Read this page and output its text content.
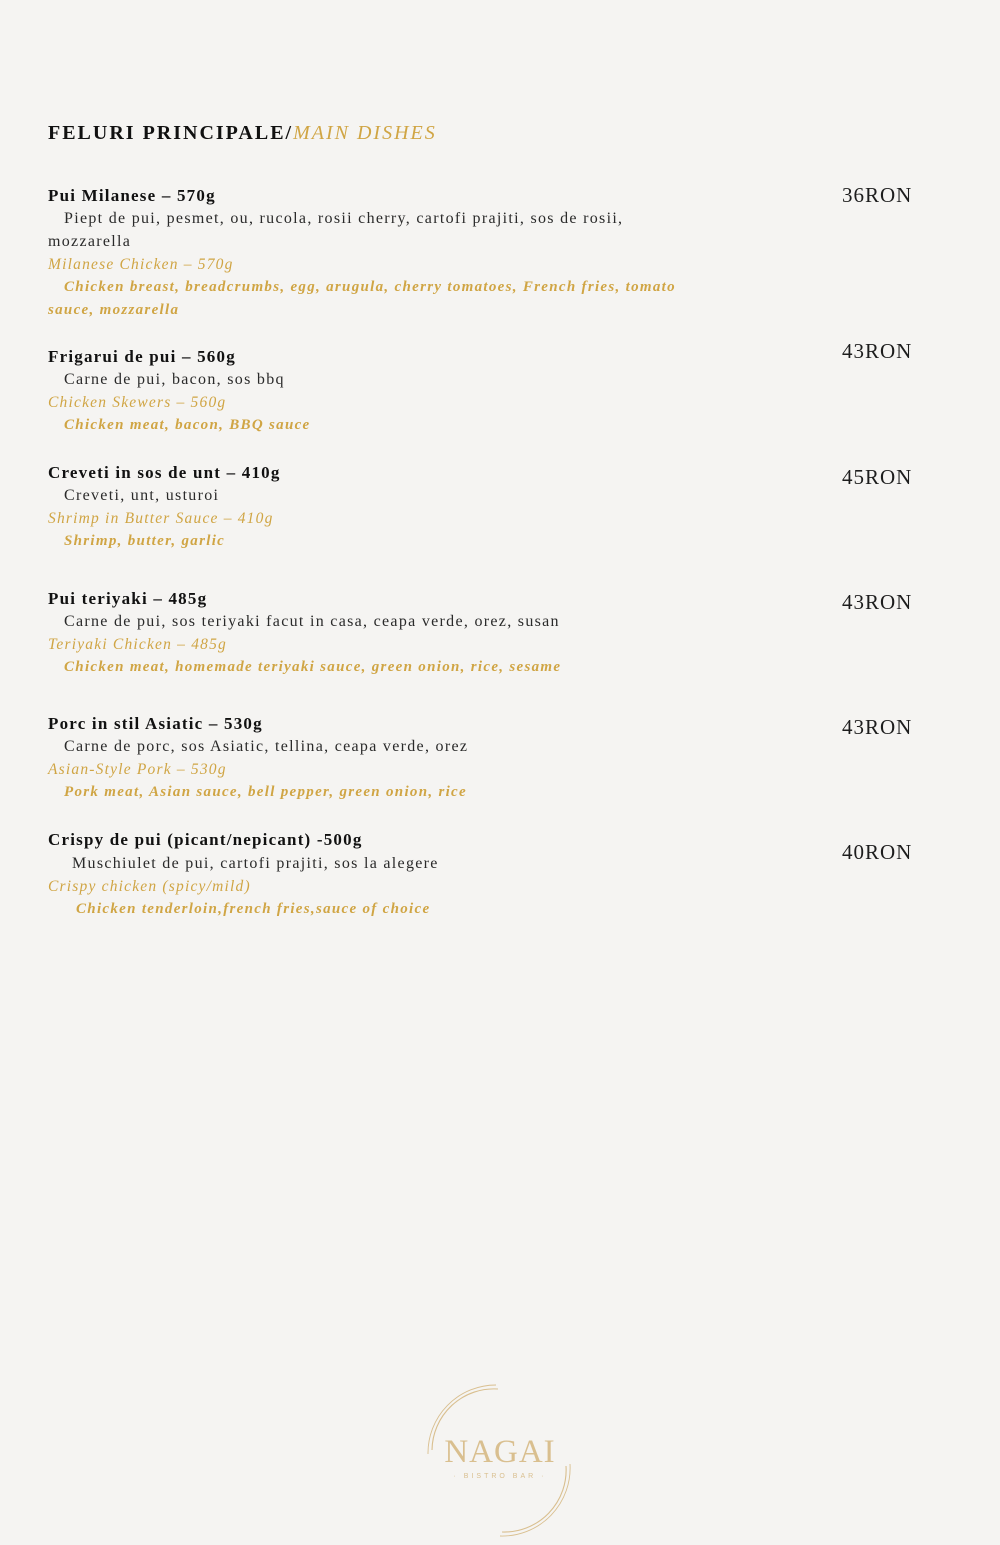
FELURI PRINCIPALE/MAIN DISHES
Pui Milanese – 570g
Piept de pui, pesmet, ou, rucola, rosii cherry, cartofi prajiti, sos de rosii, mozzarella
Milanese Chicken – 570g
Chicken breast, breadcrumbs, egg, arugula, cherry tomatoes, French fries, tomato sauce, mozzarella
36RON
Frigarui de pui – 560g
Carne de pui, bacon, sos bbq
Chicken Skewers – 560g
Chicken meat, bacon, BBQ sauce
43RON
Creveti in sos de unt – 410g
Creveti, unt, usturoi
Shrimp in Butter Sauce – 410g
Shrimp, butter, garlic
45RON
Pui teriyaki – 485g
Carne de pui, sos teriyaki facut in casa, ceapa verde, orez, susan
Teriyaki Chicken – 485g
Chicken meat, homemade teriyaki sauce, green onion, rice, sesame
43RON
Porc in stil Asiatic – 530g
Carne de porc, sos Asiatic, tellina, ceapa verde, orez
Asian-Style Pork – 530g
Pork meat, Asian sauce, bell pepper, green onion, rice
43RON
Crispy de pui (picant/nepicant) -500g
Muschiulet de pui, cartofi prajiti, sos la alegere
Crispy chicken (spicy/mild)
Chicken tenderloin,french fries,sauce of choice
40RON
NAGAI
· BISTRO BAR ·
